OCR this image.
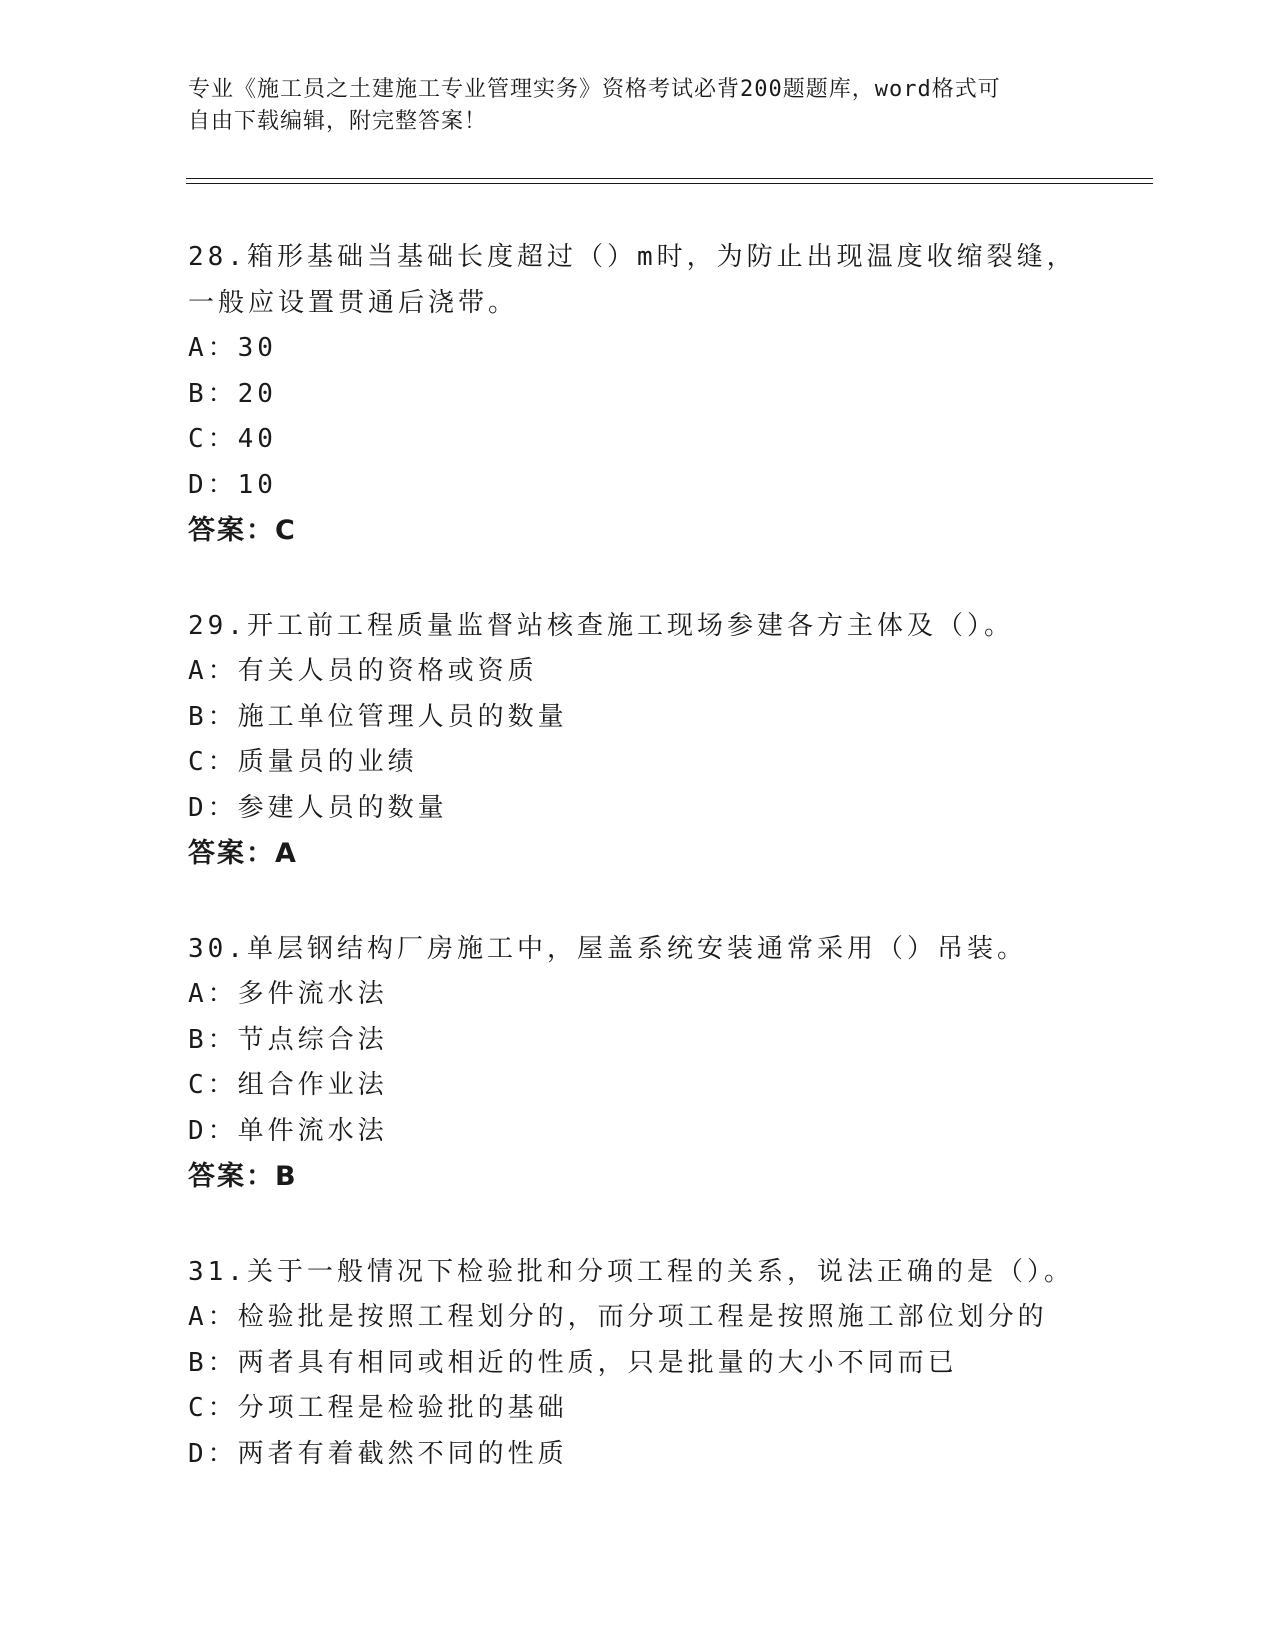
专业《施工员之土建施工专业管理实务》资格考试必背200题题库，word格式可
自由下载编辑，附完整答案！

28.箱形基础当基础长度超过（）m时，为防止出现温度收缩裂缝，一般应设置贯通后浇带。

A：30

B：20

C：40

D：10

答案：C

29.开工前工程质量监督站核查施工现场参建各方主体及（）。

A：有关人员的资格或资质

B：施工单位管理人员的数量

C：质量员的业绩

D：参建人员的数量

答案：A

30.单层钢结构厂房施工中，屋盖系统安装通常采用（）吊装。

A：多件流水法

B：节点综合法

C：组合作业法

D：单件流水法

答案：B

31.关于一般情况下检验批和分项工程的关系，说法正确的是（）。

A：检验批是按照工程划分的，而分项工程是按照施工部位划分的

B：两者具有相同或相近的性质，只是批量的大小不同而已

C：分项工程是检验批的基础

D：两者有着截然不同的性质
